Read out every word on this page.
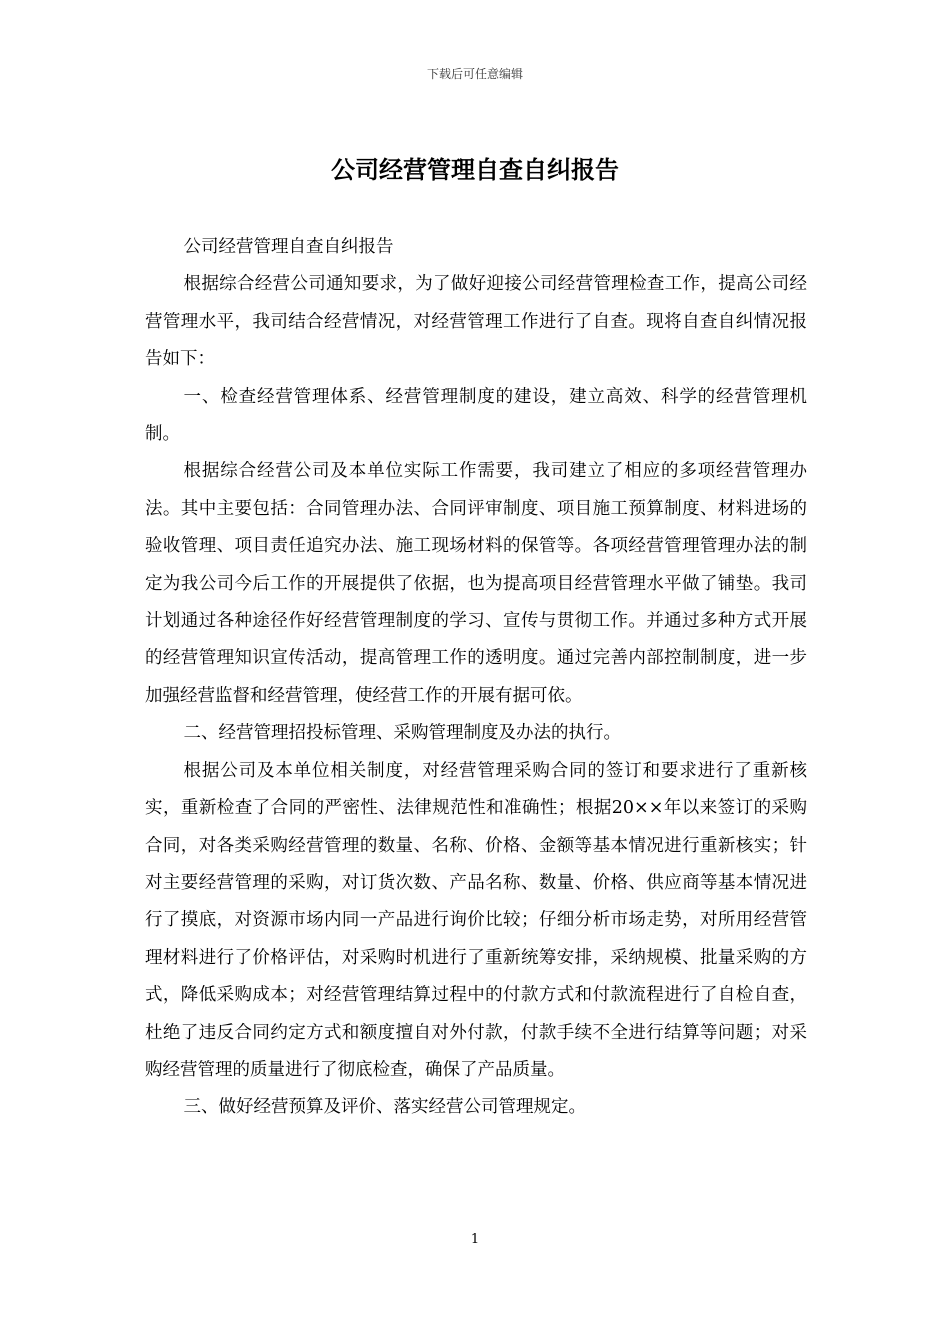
下载后可任意编辑
公司经营管理自查自纠报告

公司经营管理自查自纠报告

根据综合经营公司通知要求，为了做好迎接公司经营管理检查工作，提高公司经营管理水平，我司结合经营情况，对经营管理工作进行了自查。现将自查自纠情况报告如下：

一、检查经营管理体系、经营管理制度的建设，建立高效、科学的经营管理机制。

根据综合经营公司及本单位实际工作需要，我司建立了相应的多项经营管理办法。其中主要包括：合同管理办法、合同评审制度、项目施工预算制度、材料进场的验收管理、项目责任追究办法、施工现场材料的保管等。各项经营管理管理办法的制定为我公司今后工作的开展提供了依据，也为提高项目经营管理水平做了铺垫。我司计划通过各种途径作好经营管理制度的学习、宣传与贯彻工作。并通过多种方式开展的经营管理知识宣传活动，提高管理工作的透明度。通过完善内部控制制度，进一步加强经营监督和经营管理，使经营工作的开展有据可依。

二、经营管理招投标管理、采购管理制度及办法的执行。

根据公司及本单位相关制度，对经营管理采购合同的签订和要求进行了重新核实，重新检查了合同的严密性、法律规范性和准确性；根据20××年以来签订的采购合同，对各类采购经营管理的数量、名称、价格、金额等基本情况进行重新核实；针对主要经营管理的采购，对订货次数、产品名称、数量、价格、供应商等基本情况进行了摸底，对资源市场内同一产品进行询价比较；仔细分析市场走势，对所用经营管理材料进行了价格评估，对采购时机进行了重新统筹安排，采纳规模、批量采购的方式，降低采购成本；对经营管理结算过程中的付款方式和付款流程进行了自检自查，杜绝了违反合同约定方式和额度擅自对外付款，付款手续不全进行结算等问题；对采购经营管理的质量进行了彻底检查，确保了产品质量。

三、做好经营预算及评价、落实经营公司管理规定。

1
